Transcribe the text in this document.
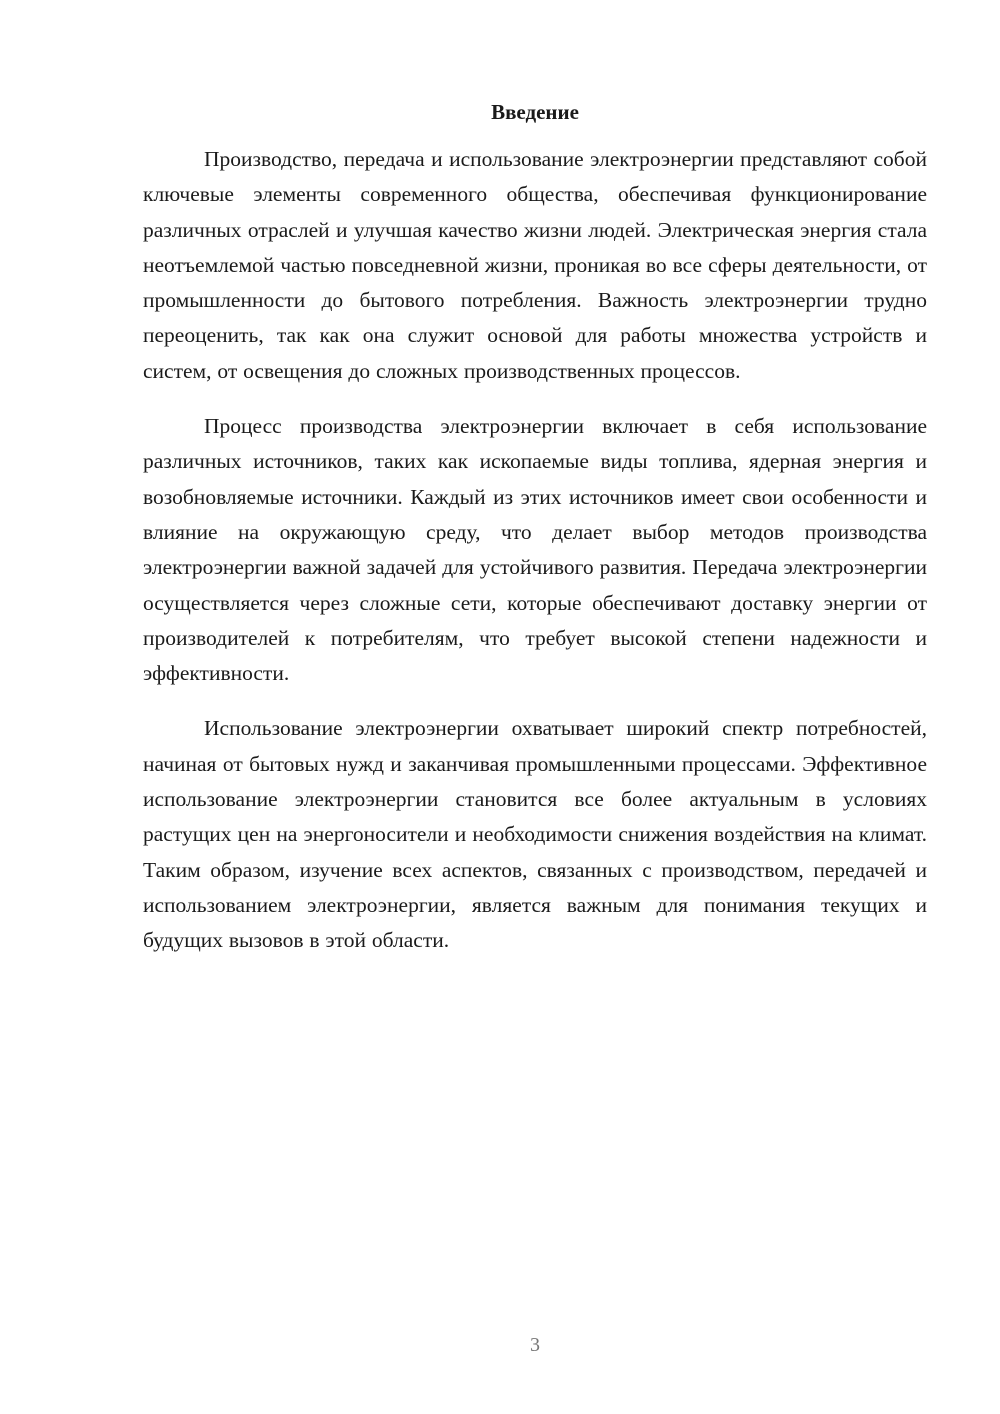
Введение

Производство, передача и использование электроэнергии представляют собой ключевые элементы современного общества, обеспечивая функционирование различных отраслей и улучшая качество жизни людей. Электрическая энергия стала неотъемлемой частью повседневной жизни, проникая во все сферы деятельности, от промышленности до бытового потребления. Важность электроэнергии трудно переоценить, так как она служит основой для работы множества устройств и систем, от освещения до сложных производственных процессов.

Процесс производства электроэнергии включает в себя использование различных источников, таких как ископаемые виды топлива, ядерная энергия и возобновляемые источники. Каждый из этих источников имеет свои особенности и влияние на окружающую среду, что делает выбор методов производства электроэнергии важной задачей для устойчивого развития. Передача электроэнергии осуществляется через сложные сети, которые обеспечивают доставку энергии от производителей к потребителям, что требует высокой степени надежности и эффективности.

Использование электроэнергии охватывает широкий спектр потребностей, начиная от бытовых нужд и заканчивая промышленными процессами. Эффективное использование электроэнергии становится все более актуальным в условиях растущих цен на энергоносители и необходимости снижения воздействия на климат. Таким образом, изучение всех аспектов, связанных с производством, передачей и использованием электроэнергии, является важным для понимания текущих и будущих вызовов в этой области.

3
